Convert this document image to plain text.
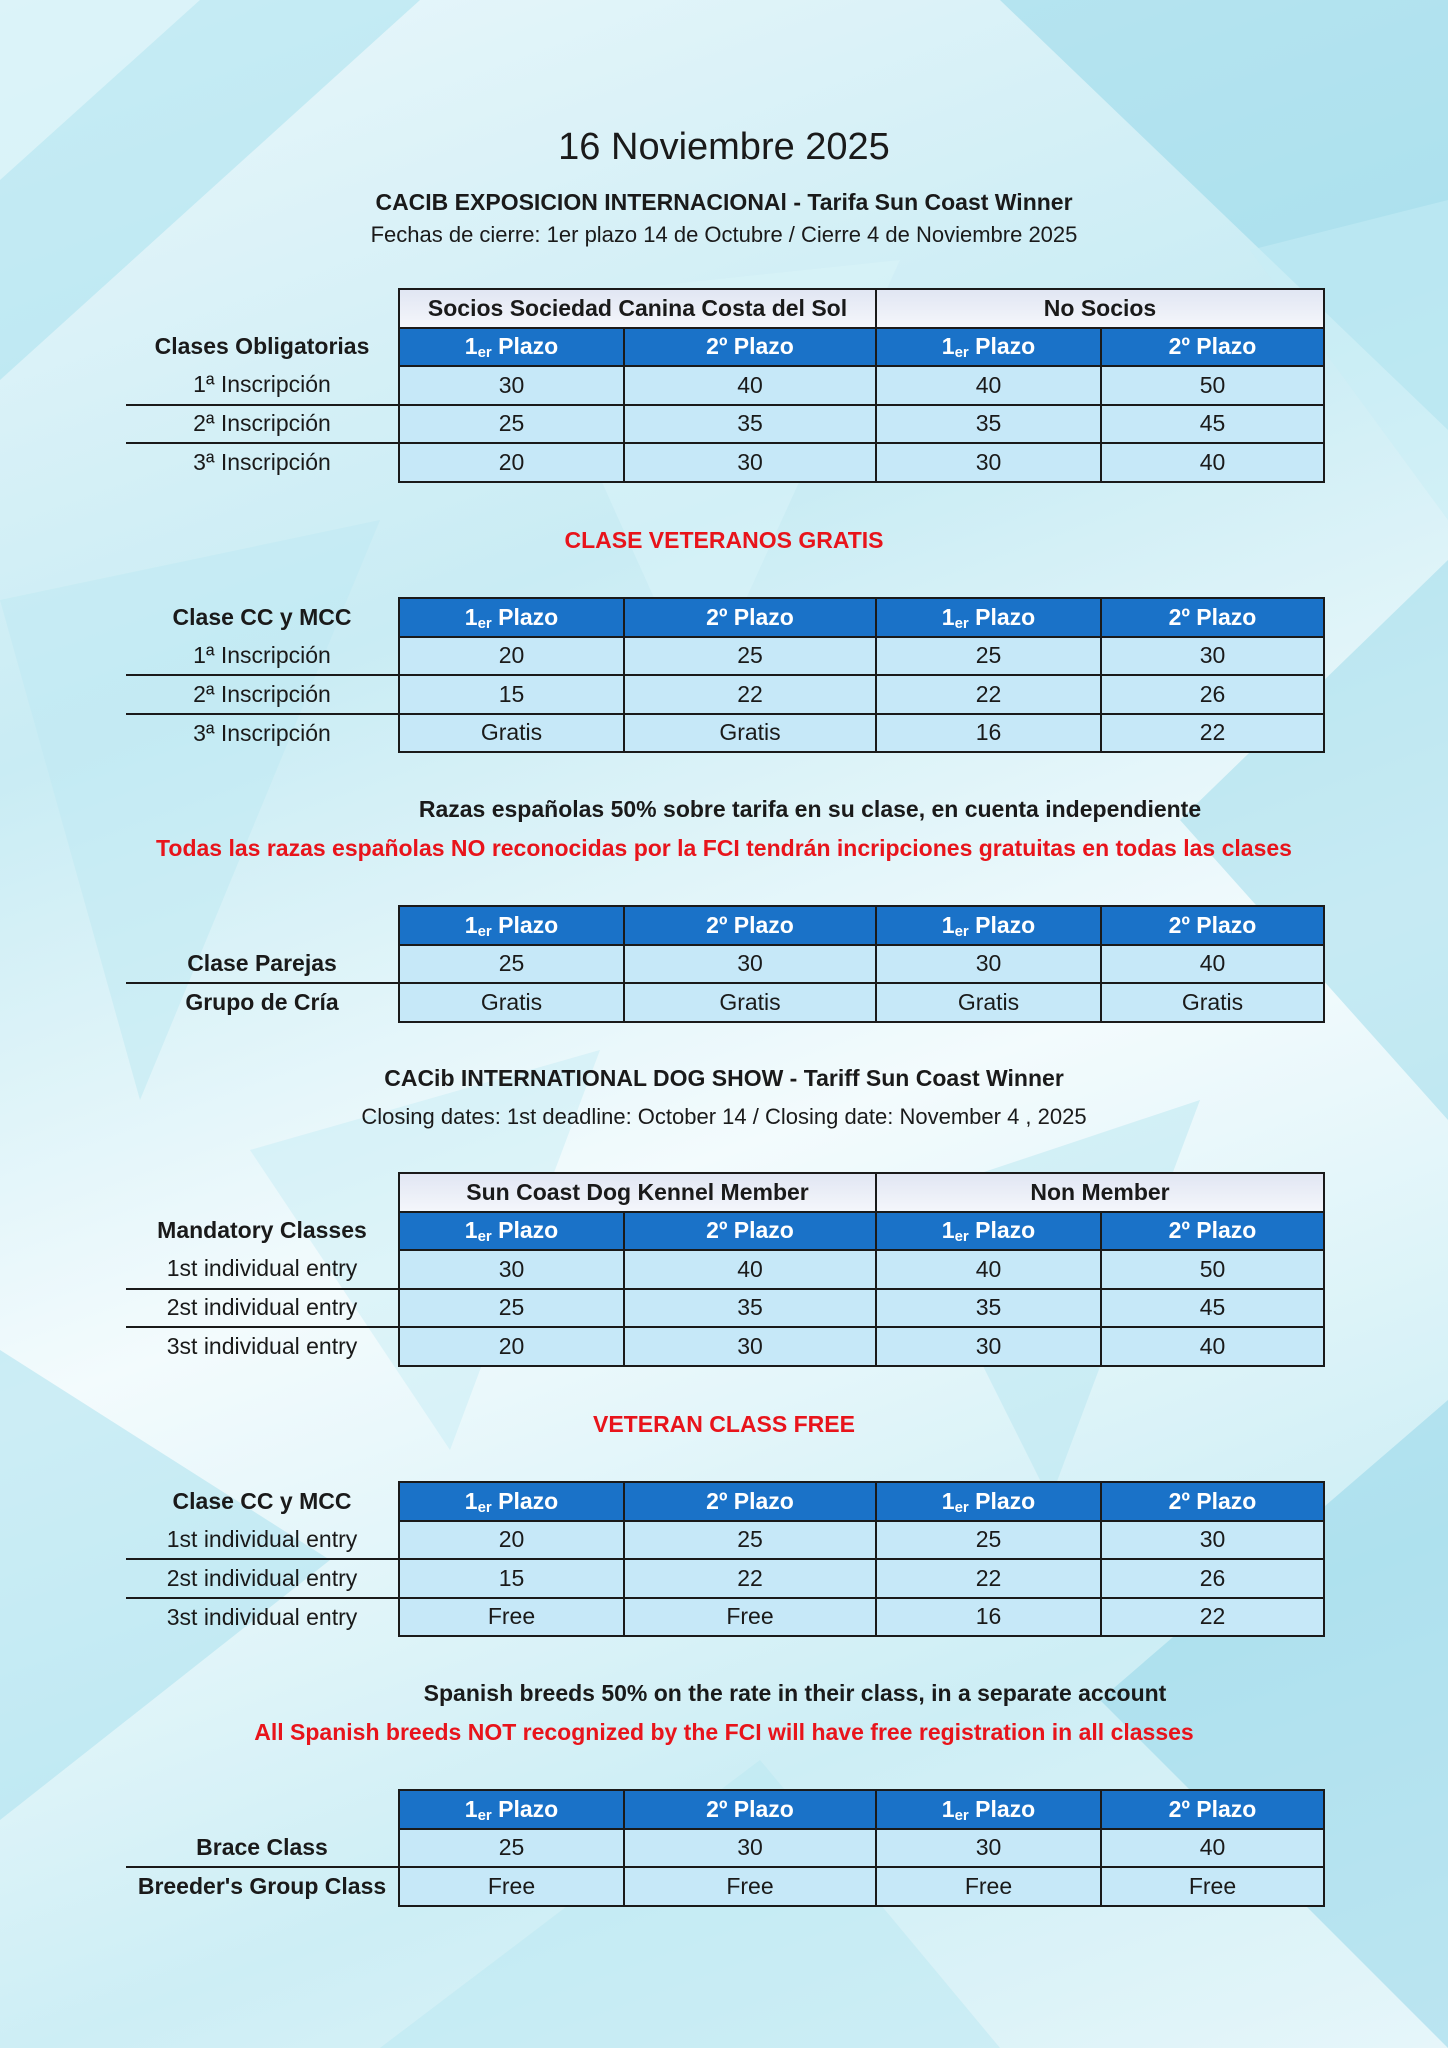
16 Noviembre 2025
CACIB EXPOSICION INTERNACIONAl - Tarifa Sun Coast Winner
Fechas de cierre: 1er plazo 14 de Octubre / Cierre 4 de Noviembre 2025
	Socios Sociedad Canina Costa del Sol		No Socios	
Clases Obligatorias	$1_{er}$ Plazo	2º Plazo	$1_{er}$ Plazo	2º Plazo
1ª Inscripción	30	40	40	50
2ª Inscripción	25	35	35	45
3ª Inscripción	20	30	30	40
CLASE VETERANOS GRATIS
Clase CC y MCC	$1_{er}$ Plazo	2º Plazo	$1_{er}$ Plazo	2º Plazo
1ª Inscripción	20	25	25	30
2ª Inscripción	15	22	22	26
3ª Inscripción	Gratis	Gratis	16	22
Razas españolas 50% sobre tarifa en su clase, en cuenta independiente
Todas las razas españolas NO reconocidas por la FCI tendrán incripciones gratuitas en todas las clases
	$1_{er}$ Plazo	2º Plazo	$1_{er}$ Plazo	2º Plazo
Clase Parejas	25	30	30	40
Grupo de Cría	Gratis	Gratis	Gratis	Gratis
CACib INTERNATIONAL DOG SHOW - Tariff Sun Coast Winner
Closing dates: 1st deadline: October 14 / Closing date: November 4 , 2025
	Sun Coast Dog Kennel Member		Non Member	
Mandatory Classes	$1_{er}$ Plazo	2º Plazo	$1_{er}$ Plazo	2º Plazo
1st individual entry	30	40	40	50
2st individual entry	25	35	35	45
3st individual entry	20	30	30	40
VETERAN CLASS FREE
Clase CC y MCC	$1_{er}$ Plazo	2º Plazo	$1_{er}$ Plazo	2º Plazo
1st individual entry	20	25	25	30
2st individual entry	15	22	22	26
3st individual entry	Free	Free	16	22
Spanish breeds 50% on the rate in their class, in a separate account
All Spanish breeds NOT recognized by the FCI will have free registration in all classes
	$1_{er}$ Plazo	2º Plazo	$1_{er}$ Plazo	2º Plazo
Brace Class	25	30	30	40
Breeder's Group Class	Free	Free	Free	Free
